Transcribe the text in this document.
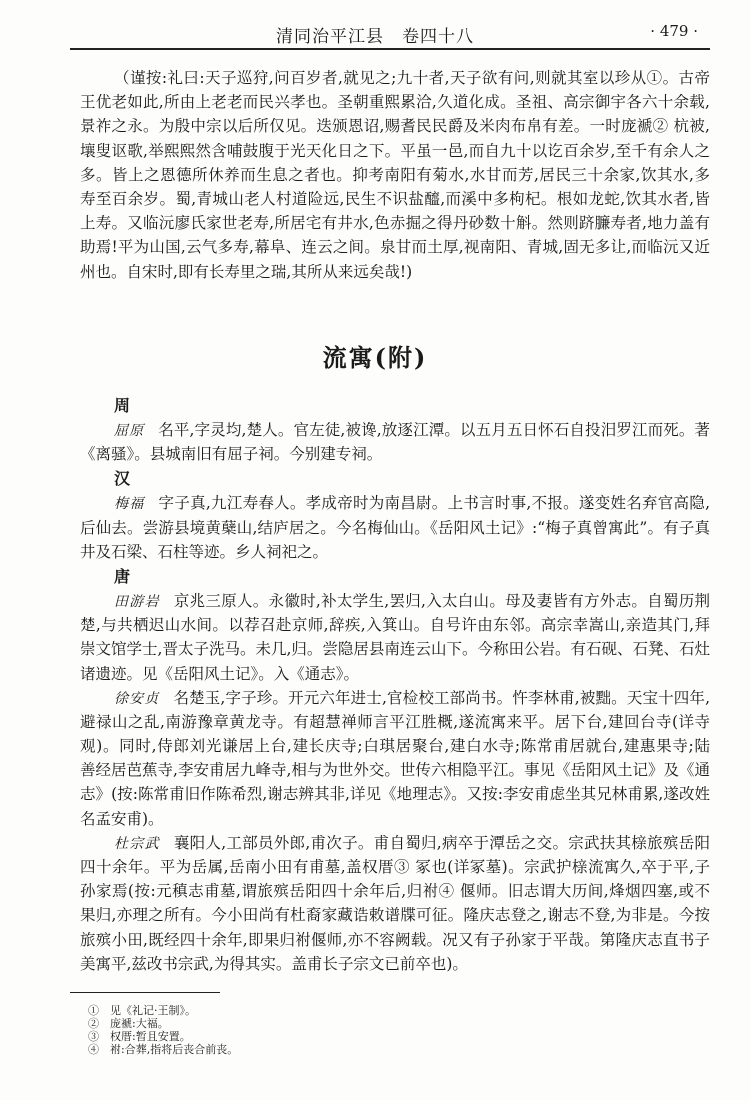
清同治平江县　卷四十八	· 479 ·
（谨按:礼曰:天子巡狩,问百岁者,就见之;九十者,天子欲有问,则就其室以珍从①。古帝
王优老如此,所由上老老而民兴孝也。圣朝重熙累洽,久道化成。圣祖、高宗御宇各六十余载,
景祚之永。为殷中宗以后所仅见。迭颁恩诏,赐耆民民爵及米肉布帛有差。一时庞褫② 杭被,
壤叟讴歌,举熙熙然含哺鼓腹于光天化日之下。平虽一邑,而自九十以讫百余岁,至千有余人之
多。皆上之恩德所休养而生息之者也。抑考南阳有菊水,水甘而芳,居民三十余家,饮其水,多
寿至百余岁。蜀,青城山老人村道险远,民生不识盐醯,而溪中多枸杞。根如龙蛇,饮其水者,皆
上寿。又临沅廖氏家世老寿,所居宅有井水,色赤掘之得丹砂数十斛。然则跻臁寿者,地力盖有
助焉!平为山国,云气多寿,幕阜、连云之间。泉甘而土厚,视南阳、青城,固无多让,而临沅又近
州也。自宋时,即有长寿里之瑞,其所从来远矣哉!)
流寓(附)
周
屈原 名平,字灵均,楚人。官左徒,被谗,放逐江潭。以五月五日怀石自投汨罗江而死。著
《离骚》。县城南旧有屈子祠。今别建专祠。
汉
梅福 字子真,九江寿春人。孝成帝时为南昌尉。上书言时事,不报。遂变姓名弃官高隐,
后仙去。尝游县境黄蘖山,结庐居之。今名梅仙山。《岳阳风土记》:“梅子真曾寓此”。有子真
井及石梁、石柱等迹。乡人祠祀之。
唐
田游岩 京兆三原人。永徽时,补太学生,罢归,入太白山。母及妻皆有方外志。自蜀历荆
楚,与共栖迟山水间。以荐召赴京师,辞疾,入箕山。自号许由东邻。高宗幸嵩山,亲造其门,拜
崇文馆学士,晋太子洗马。未几,归。尝隐居县南连云山下。今称田公岩。有石砚、石凳、石灶
诸遗迹。见《岳阳风土记》。入《通志》。
徐安贞 名楚玉,字子珍。开元六年进士,官检校工部尚书。忤李林甫,被黜。天宝十四年,
避禄山之乱,南游豫章黄龙寺。有超慧禅师言平江胜概,遂流寓来平。居下台,建回台寺(详寺
观)。同时,侍郎刘光谦居上台,建长庆寺;白琪居聚台,建白水寺;陈常甫居就台,建惠果寺;陆
善经居芭蕉寺,李安甫居九峰寺,相与为世外交。世传六相隐平江。事见《岳阳风土记》及《通
志》(按:陈常甫旧作陈希烈,谢志辨其非,详见《地理志》。又按:李安甫虑坐其兄林甫累,遂改姓
名孟安甫)。
杜宗武 襄阳人,工部员外郎,甫次子。甫自蜀归,病卒于潭岳之交。宗武扶其榇旅殡岳阳
四十余年。平为岳属,岳南小田有甫墓,盖权厝③ 冢也(详冢墓)。宗武护榇流寓久,卒于平,子
孙家焉(按:元稹志甫墓,谓旅殡岳阳四十余年后,归祔④ 偃师。旧志谓大历间,烽烟四塞,或不
果归,亦理之所有。今小田尚有杜裔家藏诰敕谱牒可征。隆庆志登之,谢志不登,为非是。今按
旅殡小田,既经四十余年,即果归祔偃师,亦不容阙载。况又有子孙家于平哉。第隆庆志直书子
美寓平,兹改书宗武,为得其实。盖甫长子宗文已前卒也)。
①　见《礼记·王制》。
②　庞褫:大福。
③　权厝:暂且安置。
④　祔:合葬,指将后丧合前丧。
